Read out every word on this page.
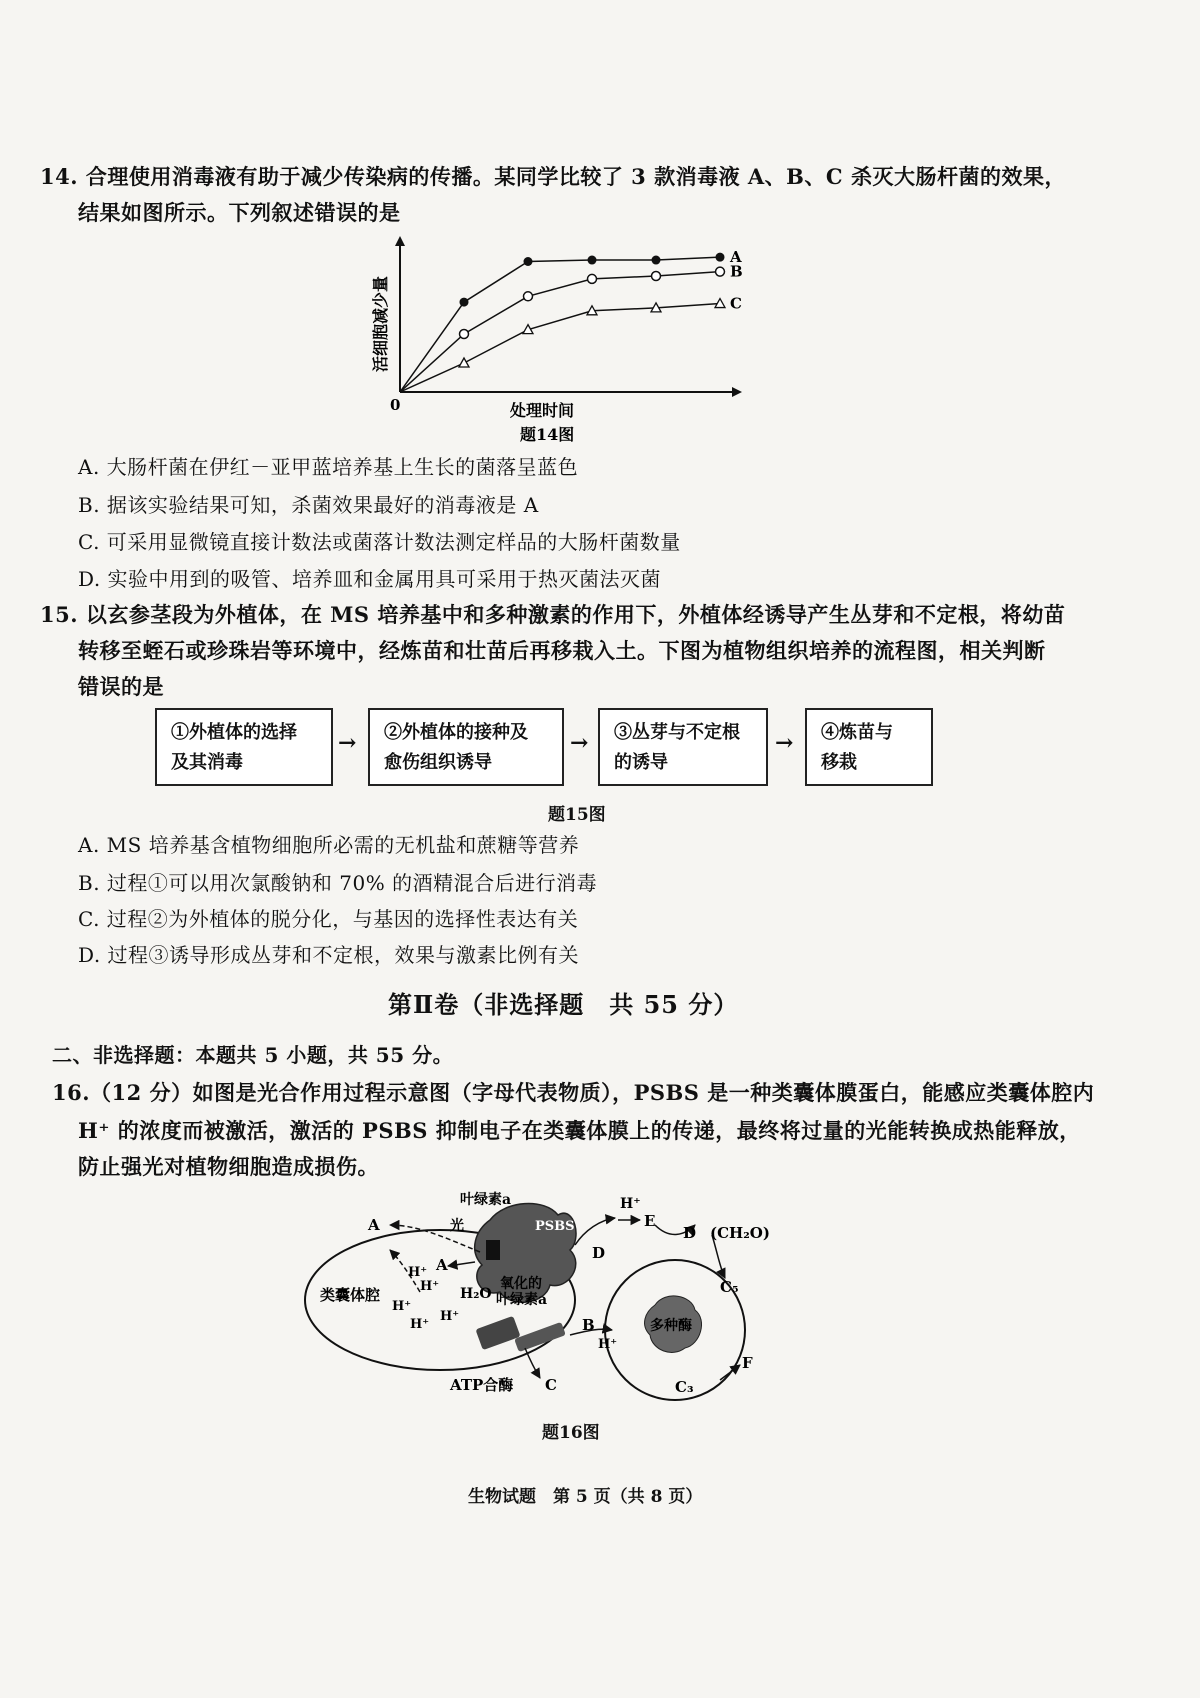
14. 合理使用消毒液有助于减少传染病的传播。某同学比较了 3 款消毒液 A、B、C 杀灭大肠杆菌的效果，
结果如图所示。下列叙述错误的是
0	处理时间
活细胞减少量
题14图
A
B
C
A. 大肠杆菌在伊红－亚甲蓝培养基上生长的菌落呈蓝色
B. 据该实验结果可知，杀菌效果最好的消毒液是 A
C. 可采用显微镜直接计数法或菌落计数法测定样品的大肠杆菌数量
D. 实验中用到的吸管、培养皿和金属用具可采用于热灭菌法灭菌
15. 以玄参茎段为外植体，在 MS 培养基中和多种激素的作用下，外植体经诱导产生丛芽和不定根，将幼苗
转移至蛭石或珍珠岩等环境中，经炼苗和壮苗后再移栽入土。下图为植物组织培养的流程图，相关判断
错误的是
①外植体的选择
及其消毒
→ ②外植体的接种及
愈伤组织诱导
→ ③丛芽与不定根
的诱导
→ ④炼苗与
移栽
题15图
A. MS 培养基含植物细胞所必需的无机盐和蔗糖等营养
B. 过程①可以用次氯酸钠和 70% 的酒精混合后进行消毒
C. 过程②为外植体的脱分化，与基因的选择性表达有关
D. 过程③诱导形成丛芽和不定根，效果与激素比例有关
第Ⅱ卷（非选择题　共 55 分）
二、非选择题：本题共 5 小题，共 55 分。
16.（12 分）如图是光合作用过程示意图（字母代表物质），PSBS 是一种类囊体膜蛋白，能感应类囊体腔内
H⁺ 的浓度而被激活，激活的 PSBS 抑制电子在类囊体膜上的传递，最终将过量的光能转换成热能释放，
防止强光对植物细胞造成损伤。
叶绿素a
光	PSBS
类囊体腔	H₂O
氧化的
叶绿素a
ATP合酶
A
A
B
C
D
D
E
F
(CH₂O)
C₅
C₃
H⁺
H⁺
H⁺
H⁺
H⁺
H⁺
H⁺	多种酶
题16图
生物试题　第 5 页（共 8 页）
